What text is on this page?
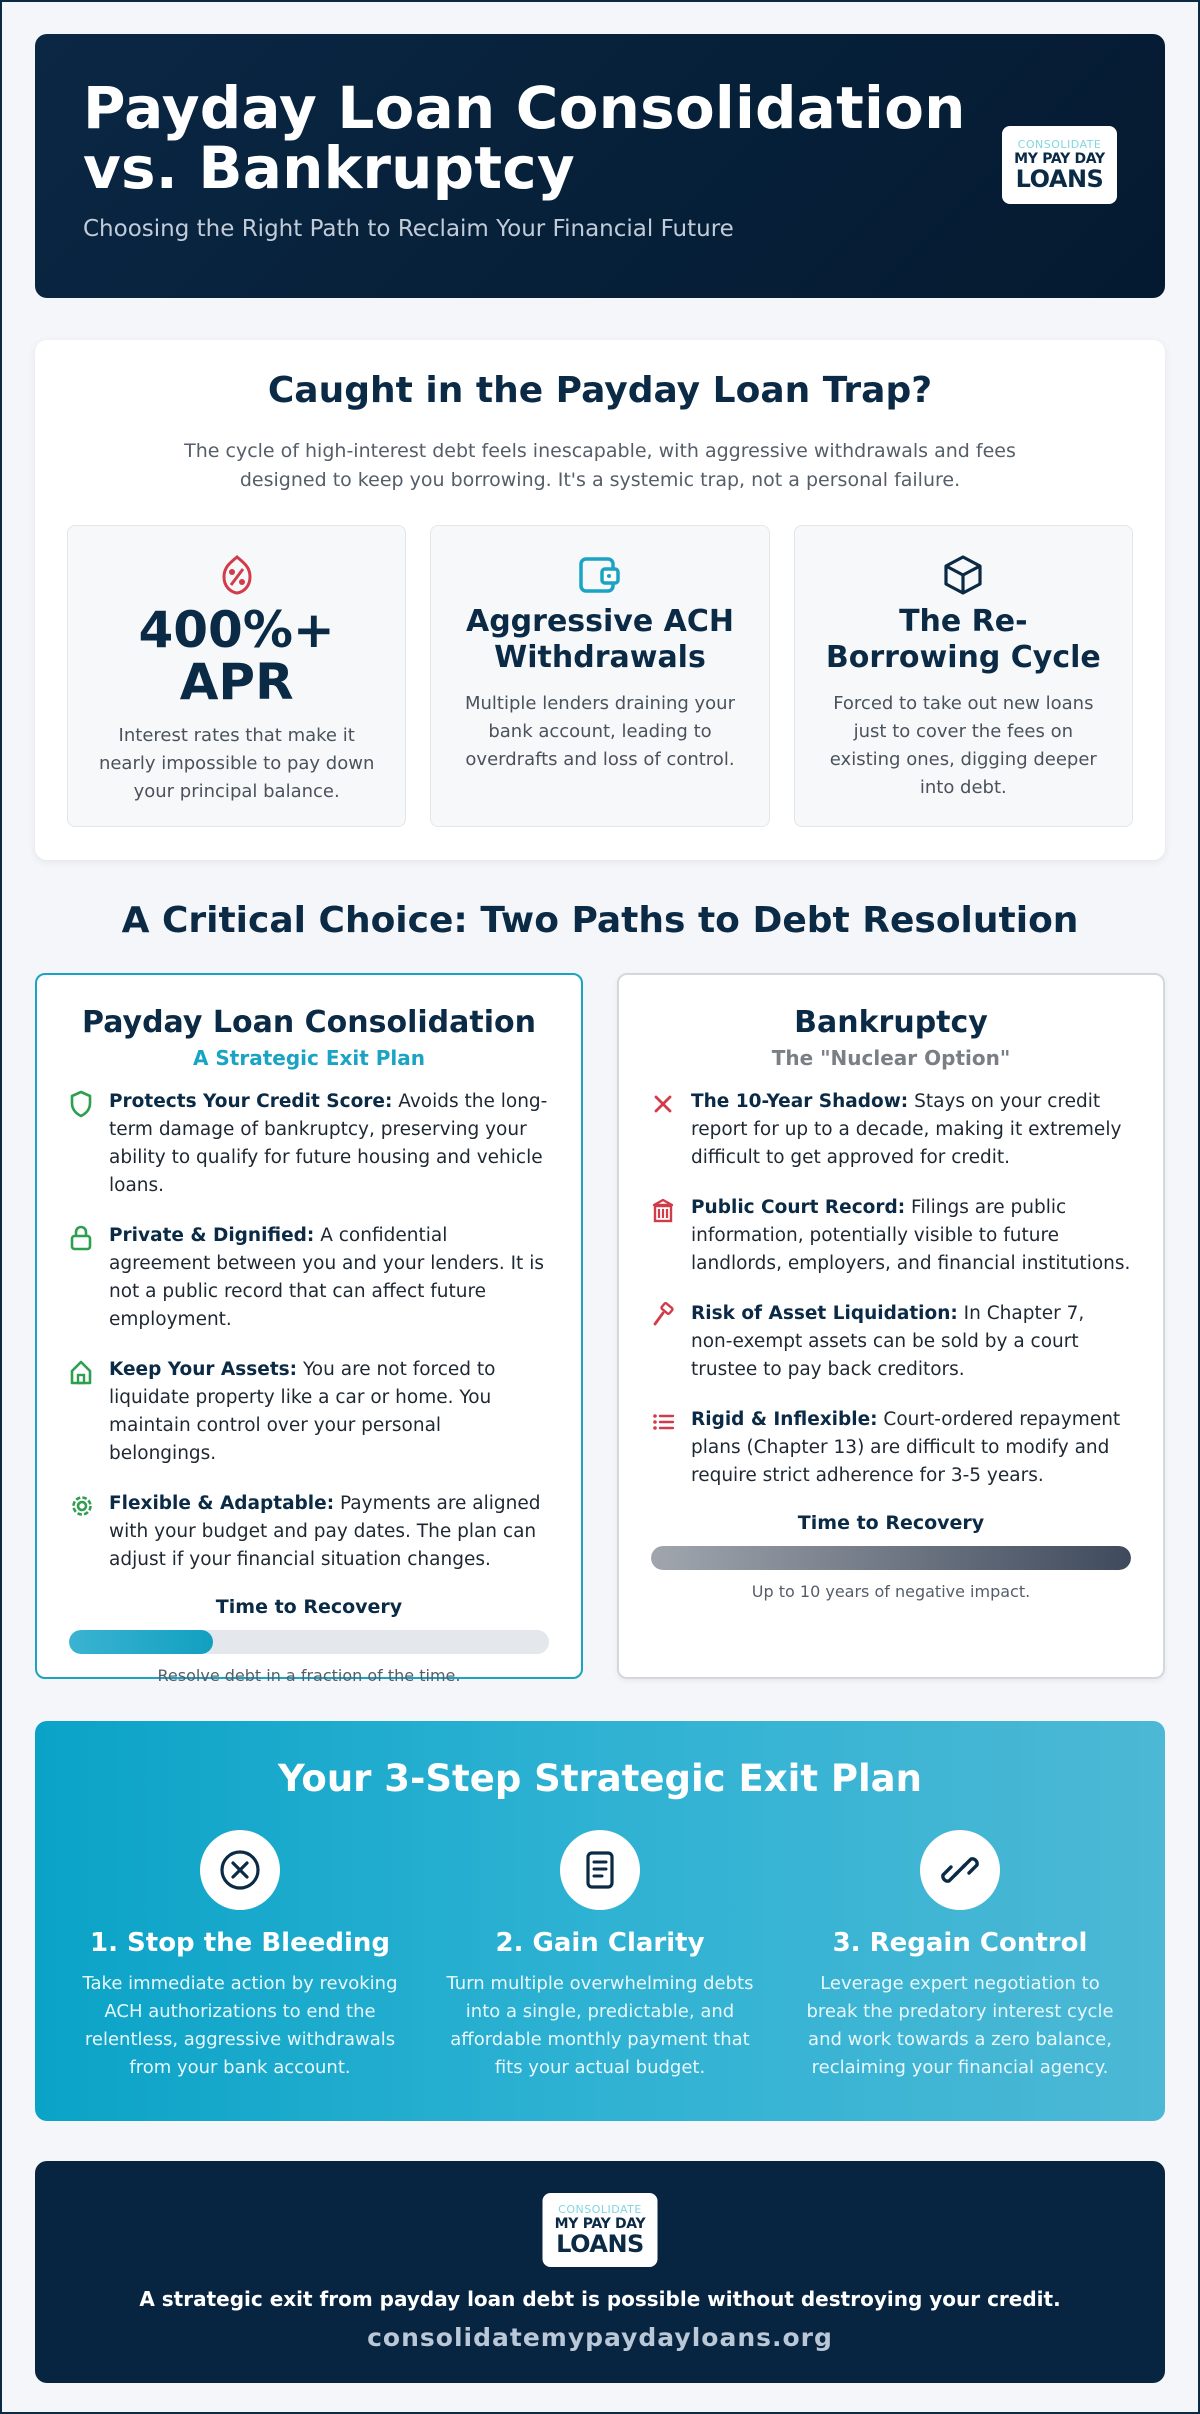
Payday Loan Consolidation
vs. Bankruptcy
Choosing the Right Path to Reclaim Your Financial Future
CONSOLIDATE
MY PAY DAY
LOANS
Caught in the Payday Loan Trap?

The cycle of high-interest debt feels inescapable, with aggressive withdrawals and fees designed to keep you borrowing. It's a systemic trap, not a personal failure.

400%+
APR
Interest rates that make it nearly impossible to pay down your principal balance.
Aggressive ACH
Withdrawals
Multiple lenders draining your bank account, leading to overdrafts and loss of control.
The Re-
Borrowing Cycle
Forced to take out new loans just to cover the fees on existing ones, digging deeper into debt.
A Critical Choice: Two Paths to Debt Resolution
Payday Loan Consolidation
A Strategic Exit Plan

Protects Your Credit Score: Avoids the long-term damage of bankruptcy, preserving your ability to qualify for future housing and vehicle loans.

Private & Dignified: A confidential agreement between you and your lenders. It is not a public record that can affect future employment.

Keep Your Assets: You are not forced to liquidate property like a car or home. You maintain control over your personal belongings.

Flexible & Adaptable: Payments are aligned with your budget and pay dates. The plan can adjust if your financial situation changes.

Time to Recovery
Resolve debt in a fraction of the time.
Bankruptcy
The "Nuclear Option"

The 10-Year Shadow: Stays on your credit report for up to a decade, making it extremely difficult to get approved for credit.

Public Court Record: Filings are public information, potentially visible to future landlords, employers, and financial institutions.

Risk of Asset Liquidation: In Chapter 7, non-exempt assets can be sold by a court trustee to pay back creditors.

Rigid & Inflexible: Court-ordered repayment plans (Chapter 13) are difficult to modify and require strict adherence for 3-5 years.

Time to Recovery
Up to 10 years of negative impact.
Your 3-Step Strategic Exit Plan
1. Stop the Bleeding
Take immediate action by revoking ACH authorizations to end the relentless, aggressive withdrawals from your bank account.
2. Gain Clarity
Turn multiple overwhelming debts into a single, predictable, and affordable monthly payment that fits your actual budget.
3. Regain Control
Leverage expert negotiation to break the predatory interest cycle and work towards a zero balance, reclaiming your financial agency.
CONSOLIDATE
MY PAY DAY
LOANS
A strategic exit from payday loan debt is possible without destroying your credit.
consolidatemypaydayloans.org
